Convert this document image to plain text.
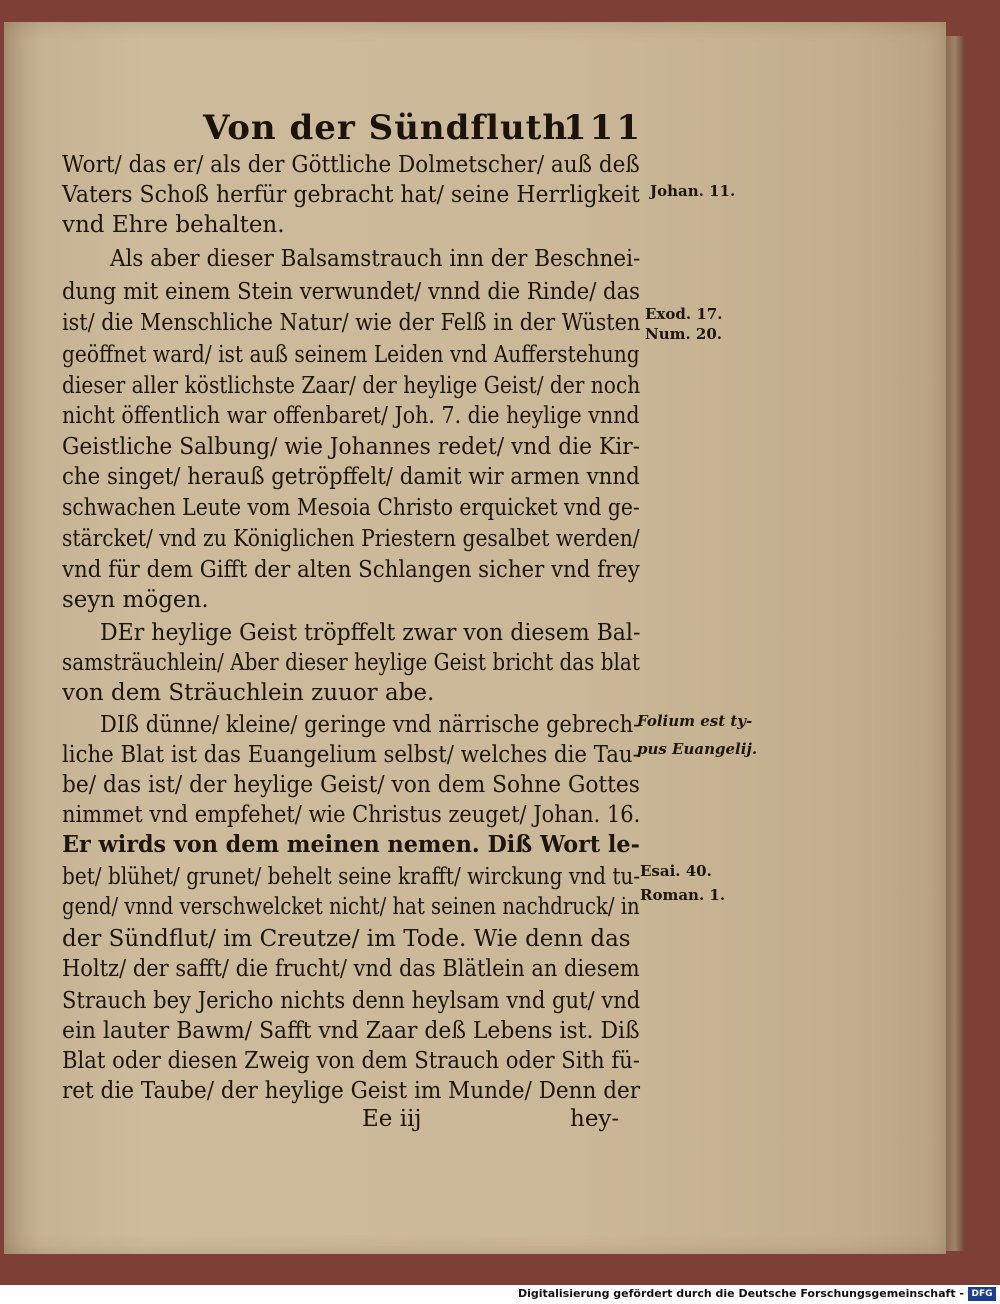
Von der Sündfluth.
111
Wort/ das er/ als der Göttliche Dolmetscher/ auß deß
Vaters Schoß herfür gebracht hat/ seine Herrligkeit
vnd Ehre behalten.
Als aber dieser Balsamstrauch inn der Beschnei-
dung mit einem Stein verwundet/ vnnd die Rinde/ das
ist/ die Menschliche Natur/ wie der Felß in der Wüsten
geöffnet ward/ ist auß seinem Leiden vnd Aufferstehung
dieser aller köstlichste Zaar/ der heylige Geist/ der noch
nicht öffentlich war offenbaret/ Joh. 7. die heylige vnnd
Geistliche Salbung/ wie Johannes redet/ vnd die Kir-
che singet/ herauß getröpffelt/ damit wir armen vnnd
schwachen Leute vom Mesoia Christo erquicket vnd ge-
stärcket/ vnd zu Königlichen Priestern gesalbet werden/
vnd für dem Gifft der alten Schlangen sicher vnd frey
seyn mögen.
DEr heylige Geist tröpffelt zwar von diesem Bal-
samsträuchlein/ Aber dieser heylige Geist bricht das blat
von dem Sträuchlein zuuor abe.
DIß dünne/ kleine/ geringe vnd närrische gebrech-
liche Blat ist das Euangelium selbst/ welches die Tau-
be/ das ist/ der heylige Geist/ von dem Sohne Gottes
nimmet vnd empfehet/ wie Christus zeuget/ Johan. 16.
Er wirds von dem meinen nemen. Diß Wort le-
bet/ blühet/ grunet/ behelt seine krafft/ wirckung vnd tu-
gend/ vnnd verschwelcket nicht/ hat seinen nachdruck/ in
der Sündflut/ im Creutze/ im Tode. Wie denn das
Holtz/ der safft/ die frucht/ vnd das Blätlein an diesem
Strauch bey Jericho nichts denn heylsam vnd gut/ vnd
ein lauter Bawm/ Safft vnd Zaar deß Lebens ist. Diß
Blat oder diesen Zweig von dem Strauch oder Sith fü-
ret die Taube/ der heylige Geist im Munde/ Denn der
Johan. 11.
Exod. 17.
Num. 20.
Folium est ty-
pus Euangelij.
Esai. 40.
Roman. 1.
Ee iij	hey-
Digitalisierung gefördert durch die Deutsche Forschungsgemeinschaft - DFG
